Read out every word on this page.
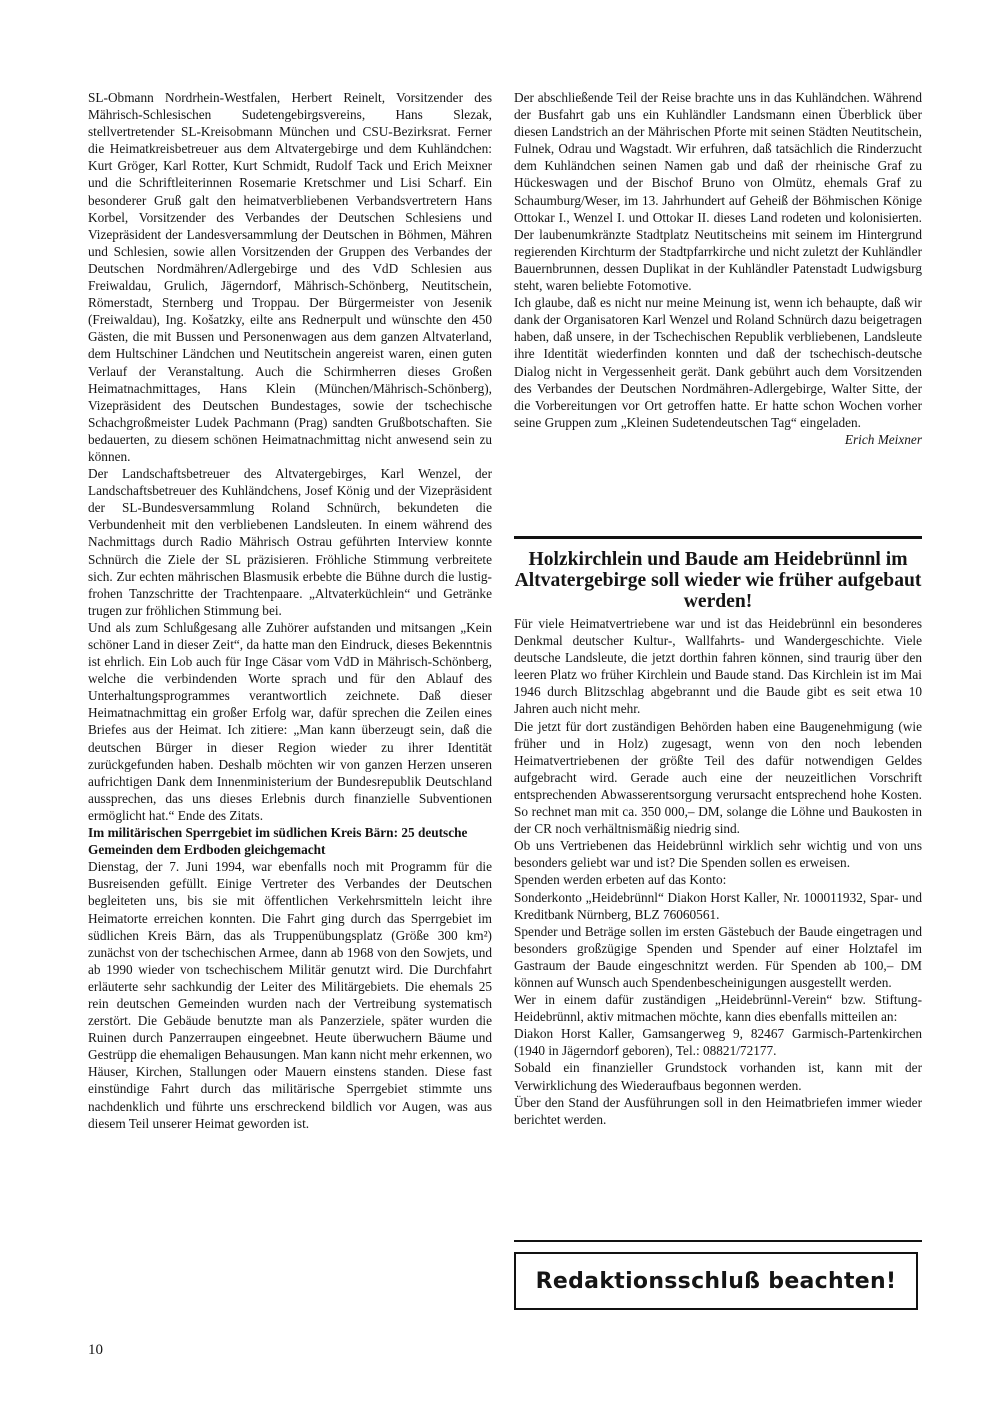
SL-Obmann Nordrhein-Westfalen, Herbert Reinelt, Vorsitzender des Mährisch-Schlesischen Sudetengebirgsvereins, Hans Slezak, stellvertretender SL-Kreisobmann München und CSU-Bezirksrat. Ferner die Heimatkreisbetreuer aus dem Altvatergebirge und dem Kuhländchen: Kurt Gröger, Karl Rotter, Kurt Schmidt, Rudolf Tack und Erich Meixner und die Schriftleiterinnen Rosemarie Kretschmer und Lisi Scharf. Ein besonderer Gruß galt den heimatverbliebenen Verbandsvertretern Hans Korbel, Vorsitzender des Verbandes der Deutschen Schlesiens und Vizepräsident der Landesversammlung der Deutschen in Böhmen, Mähren und Schlesien, sowie allen Vorsitzenden der Gruppen des Verbandes der Deutschen Nordmähren/Adlergebirge und des VdD Schlesien aus Freiwaldau, Grulich, Jägerndorf, Mährisch-Schönberg, Neutitschein, Römerstadt, Sternberg und Troppau. Der Bürgermeister von Jesenik (Freiwaldau), Ing. Košatzky, eilte ans Rednerpult und wünschte den 450 Gästen, die mit Bussen und Personenwagen aus dem ganzen Altvaterland, dem Hultschiner Ländchen und Neutitschein angereist waren, einen guten Verlauf der Veranstaltung. Auch die Schirmherren dieses Großen Heimatnachmittages, Hans Klein (München/Mährisch-Schönberg), Vizepräsident des Deutschen Bundestages, sowie der tschechische Schachgroßmeister Ludek Pachmann (Prag) sandten Grußbotschaften. Sie bedauerten, zu diesem schönen Heimatnachmittag nicht anwesend sein zu können.

Der Landschaftsbetreuer des Altvatergebirges, Karl Wenzel, der Landschaftsbetreuer des Kuhländchens, Josef König und der Vizepräsident der SL-Bundesversammlung Roland Schnürch, bekundeten die Verbundenheit mit den verbliebenen Landsleuten. In einem während des Nachmittags durch Radio Mährisch Ostrau geführten Interview konnte Schnürch die Ziele der SL präzisieren. Fröhliche Stimmung verbreitete sich. Zur echten mährischen Blasmusik erbebte die Bühne durch die lustig-frohen Tanzschritte der Trachtenpaare. „Altvaterküchlein“ und Getränke trugen zur fröhlichen Stimmung bei.

Und als zum Schlußgesang alle Zuhörer aufstanden und mitsangen „Kein schöner Land in dieser Zeit“, da hatte man den Eindruck, dieses Bekenntnis ist ehrlich. Ein Lob auch für Inge Cäsar vom VdD in Mährisch-Schönberg, welche die verbindenden Worte sprach und für den Ablauf des Unterhaltungsprogrammes verantwortlich zeichnete. Daß dieser Heimatnachmittag ein großer Erfolg war, dafür sprechen die Zeilen eines Briefes aus der Heimat. Ich zitiere: „Man kann überzeugt sein, daß die deutschen Bürger in dieser Region wieder zu ihrer Identität zurückgefunden haben. Deshalb möchten wir von ganzen Herzen unseren aufrichtigen Dank dem Innenministerium der Bundesrepublik Deutschland aussprechen, das uns dieses Erlebnis durch finanzielle Subventionen ermöglicht hat.“ Ende des Zitats.

Im militärischen Sperrgebiet im südlichen Kreis Bärn: 25 deutsche Gemeinden dem Erdboden gleichgemacht

Dienstag, der 7. Juni 1994, war ebenfalls noch mit Programm für die Busreisenden gefüllt. Einige Vertreter des Verbandes der Deutschen begleiteten uns, bis sie mit öffentlichen Verkehrsmitteln leicht ihre Heimatorte erreichen konnten. Die Fahrt ging durch das Sperrgebiet im südlichen Kreis Bärn, das als Truppenübungsplatz (Größe 300 km²) zunächst von der tschechischen Armee, dann ab 1968 von den Sowjets, und ab 1990 wieder von tschechischem Militär genutzt wird. Die Durchfahrt erläuterte sehr sachkundig der Leiter des Militärgebiets. Die ehemals 25 rein deutschen Gemeinden wurden nach der Vertreibung systematisch zerstört. Die Gebäude benutzte man als Panzerziele, später wurden die Ruinen durch Panzerraupen eingeebnet. Heute überwuchern Bäume und Gestrüpp die ehemaligen Behausungen. Man kann nicht mehr erkennen, wo Häuser, Kirchen, Stallungen oder Mauern einstens standen. Diese fast einstündige Fahrt durch das militärische Sperrgebiet stimmte uns nachdenklich und führte uns erschreckend bildlich vor Augen, was aus diesem Teil unserer Heimat geworden ist.

Der abschließende Teil der Reise brachte uns in das Kuhländchen. Während der Busfahrt gab uns ein Kuhländler Landsmann einen Überblick über diesen Landstrich an der Mährischen Pforte mit seinen Städten Neutitschein, Fulnek, Odrau und Wagstadt. Wir erfuhren, daß tatsächlich die Rinderzucht dem Kuhländchen seinen Namen gab und daß der rheinische Graf zu Hückeswagen und der Bischof Bruno von Olmütz, ehemals Graf zu Schaumburg/Weser, im 13. Jahrhundert auf Geheiß der Böhmischen Könige Ottokar I., Wenzel I. und Ottokar II. dieses Land rodeten und kolonisierten. Der laubenumkränzte Stadtplatz Neutitscheins mit seinem im Hintergrund regierenden Kirchturm der Stadtpfarrkirche und nicht zuletzt der Kuhländler Bauernbrunnen, dessen Duplikat in der Kuhländler Patenstadt Ludwigsburg steht, waren beliebte Fotomotive.

Ich glaube, daß es nicht nur meine Meinung ist, wenn ich behaupte, daß wir dank der Organisatoren Karl Wenzel und Roland Schnürch dazu beigetragen haben, daß unsere, in der Tschechischen Republik verbliebenen, Landsleute ihre Identität wiederfinden konnten und daß der tschechisch-deutsche Dialog nicht in Vergessenheit gerät. Dank gebührt auch dem Vorsitzenden des Verbandes der Deutschen Nordmähren-Adlergebirge, Walter Sitte, der die Vorbereitungen vor Ort getroffen hatte. Er hatte schon Wochen vorher seine Gruppen zum „Kleinen Sudetendeutschen Tag“ eingeladen.

Erich Meixner
Holzkirchlein und Baude am Heidebrünnl im Altvatergebirge soll wieder wie früher aufgebaut werden!

Für viele Heimatvertriebene war und ist das Heidebrünnl ein besonderes Denkmal deutscher Kultur-, Wallfahrts- und Wandergeschichte. Viele deutsche Landsleute, die jetzt dorthin fahren können, sind traurig über den leeren Platz wo früher Kirchlein und Baude stand. Das Kirchlein ist im Mai 1946 durch Blitzschlag abgebrannt und die Baude gibt es seit etwa 10 Jahren auch nicht mehr.

Die jetzt für dort zuständigen Behörden haben eine Baugenehmigung (wie früher und in Holz) zugesagt, wenn von den noch lebenden Heimatvertriebenen der größte Teil des dafür notwendigen Geldes aufgebracht wird. Gerade auch eine der neuzeitlichen Vorschrift entsprechenden Abwasserentsorgung verursacht entsprechend hohe Kosten. So rechnet man mit ca. 350 000,– DM, solange die Löhne und Baukosten in der CR noch verhältnismäßig niedrig sind.

Ob uns Vertriebenen das Heidebrünnl wirklich sehr wichtig und von uns besonders geliebt war und ist? Die Spenden sollen es erweisen.

Spenden werden erbeten auf das Konto:

Sonderkonto „Heidebrünnl“ Diakon Horst Kaller, Nr. 100011932, Spar- und Kreditbank Nürnberg, BLZ 76060561.

Spender und Beträge sollen im ersten Gästebuch der Baude eingetragen und besonders großzügige Spenden und Spender auf einer Holztafel im Gastraum der Baude eingeschnitzt werden. Für Spenden ab 100,– DM können auf Wunsch auch Spendenbescheinigungen ausgestellt werden.

Wer in einem dafür zuständigen „Heidebrünnl-Verein“ bzw. Stiftung-Heidebrünnl, aktiv mitmachen möchte, kann dies ebenfalls mitteilen an:

Diakon Horst Kaller, Gamsangerweg 9, 82467 Garmisch-Partenkirchen (1940 in Jägerndorf geboren), Tel.: 08821/72177.

Sobald ein finanzieller Grundstock vorhanden ist, kann mit der Verwirklichung des Wiederaufbaus begonnen werden.

Über den Stand der Ausführungen soll in den Heimatbriefen immer wieder berichtet werden.

Redaktionsschluß beachten!
10
